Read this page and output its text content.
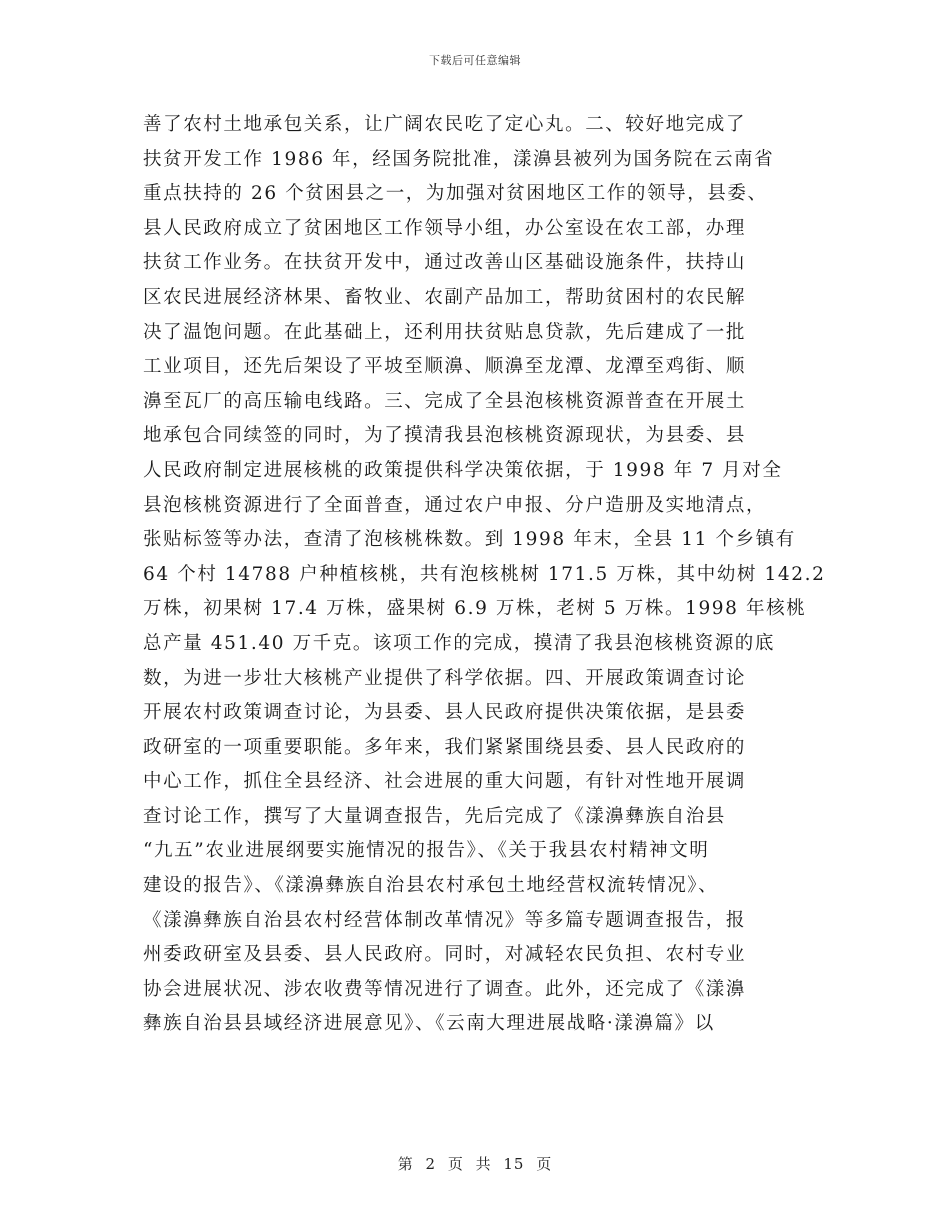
下载后可任意编辑
善了农村土地承包关系，让广阔农民吃了定心丸。二、较好地完成了
扶贫开发工作 1986 年，经国务院批准，漾濞县被列为国务院在云南省
重点扶持的 26 个贫困县之一，为加强对贫困地区工作的领导，县委、
县人民政府成立了贫困地区工作领导小组，办公室设在农工部，办理
扶贫工作业务。在扶贫开发中，通过改善山区基础设施条件，扶持山
区农民进展经济林果、畜牧业、农副产品加工，帮助贫困村的农民解
决了温饱问题。在此基础上，还利用扶贫贴息贷款，先后建成了一批
工业项目，还先后架设了平坡至顺濞、顺濞至龙潭、龙潭至鸡街、顺
濞至瓦厂的高压输电线路。三、完成了全县泡核桃资源普查在开展土
地承包合同续签的同时，为了摸清我县泡核桃资源现状，为县委、县
人民政府制定进展核桃的政策提供科学决策依据，于 1998 年 7 月对全
县泡核桃资源进行了全面普查，通过农户申报、分户造册及实地清点，
张贴标签等办法，查清了泡核桃株数。到 1998 年末，全县 11 个乡镇有
64 个村 14788 户种植核桃，共有泡核桃树 171.5 万株，其中幼树 142.2
万株，初果树 17.4 万株，盛果树 6.9 万株，老树 5 万株。1998 年核桃
总产量 451.40 万千克。该项工作的完成，摸清了我县泡核桃资源的底
数，为进一步壮大核桃产业提供了科学依据。四、开展政策调查讨论
开展农村政策调查讨论，为县委、县人民政府提供决策依据，是县委
政研室的一项重要职能。多年来，我们紧紧围绕县委、县人民政府的
中心工作，抓住全县经济、社会进展的重大问题，有针对性地开展调
查讨论工作，撰写了大量调查报告，先后完成了《漾濞彝族自治县
“九五”农业进展纲要实施情况的报告》、《关于我县农村精神文明
建设的报告》、《漾濞彝族自治县农村承包土地经营权流转情况》、
《漾濞彝族自治县农村经营体制改革情况》等多篇专题调查报告，报
州委政研室及县委、县人民政府。同时，对减轻农民负担、农村专业
协会进展状况、涉农收费等情况进行了调查。此外，还完成了《漾濞
彝族自治县县域经济进展意见》、《云南大理进展战略·漾濞篇》以
第 2 页 共 15 页
